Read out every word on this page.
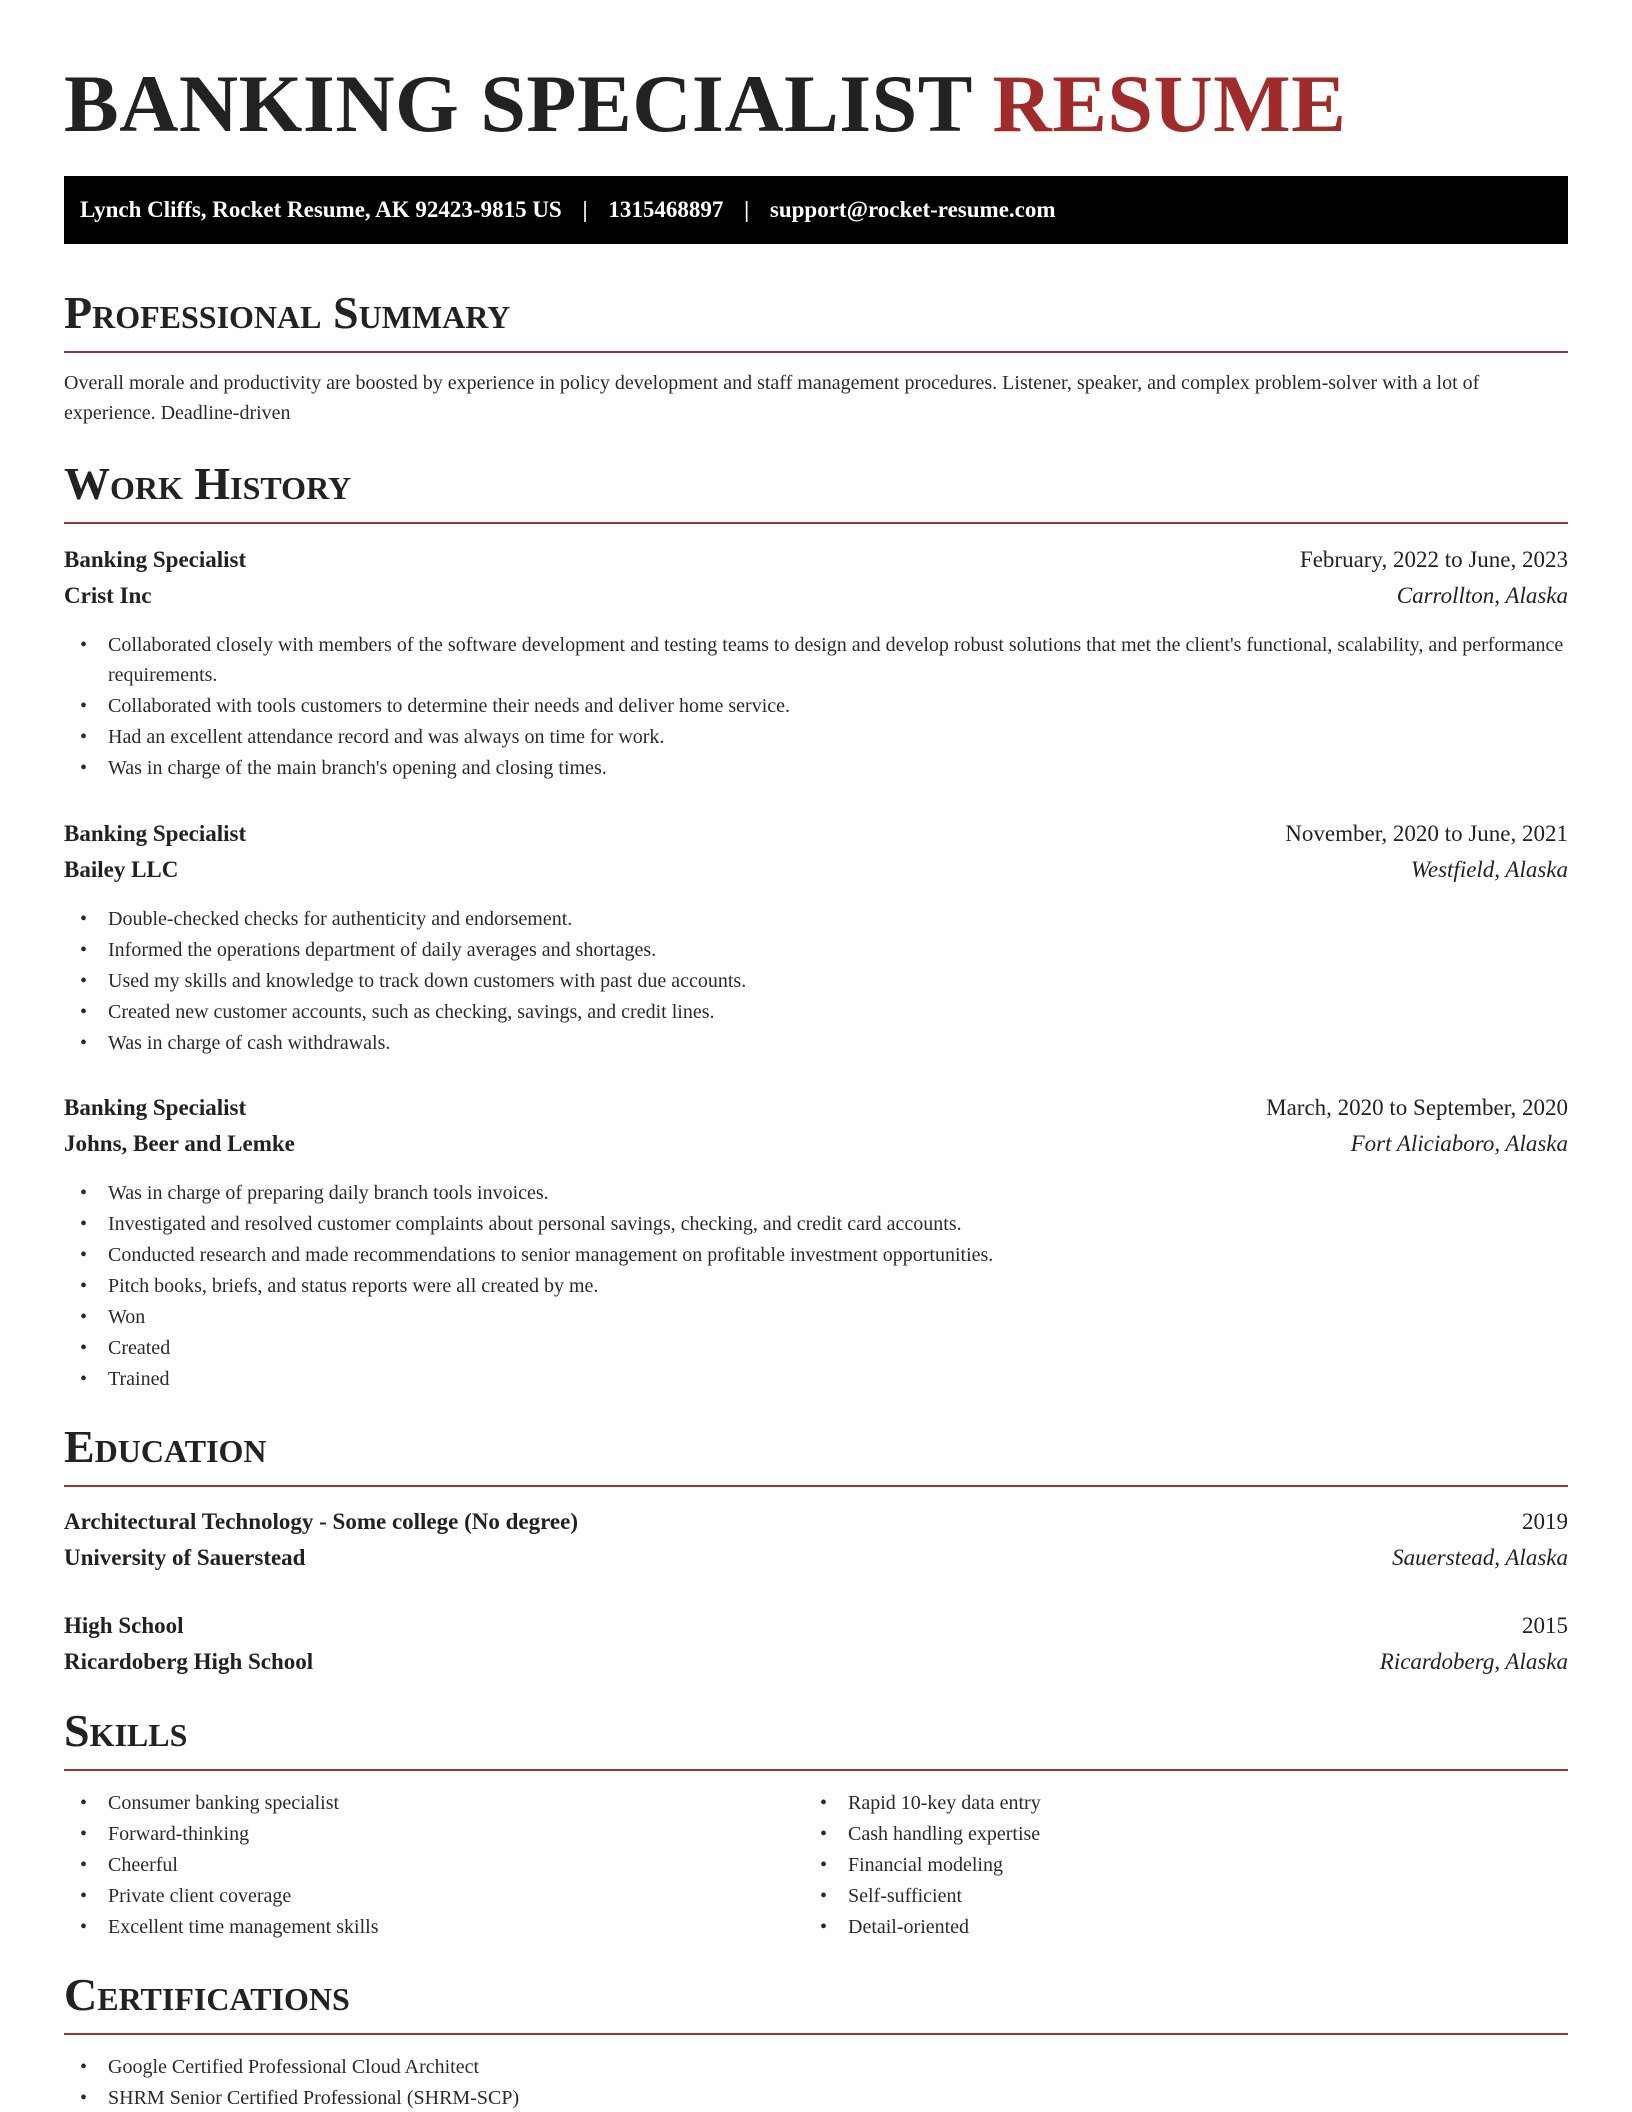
BANKING SPECIALIST RESUME
Lynch Cliffs, Rocket Resume, AK 92423-9815 US | 1315468897 | support@rocket-resume.com
Professional Summary
Overall morale and productivity are boosted by experience in policy development and staff management procedures. Listener, speaker, and complex problem-solver with a lot of experience. Deadline-driven
Work History
Banking Specialist	February, 2022 to June, 2023
Crist Inc	Carrollton, Alaska
• Collaborated closely with members of the software development and testing teams to design and develop robust solutions that met the client's functional, scalability, and performance requirements.
• Collaborated with tools customers to determine their needs and deliver home service.
• Had an excellent attendance record and was always on time for work.
• Was in charge of the main branch's opening and closing times.
Banking Specialist	November, 2020 to June, 2021
Bailey LLC	Westfield, Alaska
• Double-checked checks for authenticity and endorsement.
• Informed the operations department of daily averages and shortages.
• Used my skills and knowledge to track down customers with past due accounts.
• Created new customer accounts, such as checking, savings, and credit lines.
• Was in charge of cash withdrawals.
Banking Specialist	March, 2020 to September, 2020
Johns, Beer and Lemke	Fort Aliciaboro, Alaska
• Was in charge of preparing daily branch tools invoices.
• Investigated and resolved customer complaints about personal savings, checking, and credit card accounts.
• Conducted research and made recommendations to senior management on profitable investment opportunities.
• Pitch books, briefs, and status reports were all created by me.
• Won
• Created
• Trained
Education
Architectural Technology - Some college (No degree)	2019
University of Sauerstead	Sauerstead, Alaska
High School	2015
Ricardoberg High School	Ricardoberg, Alaska
Skills
• Consumer banking specialist
• Forward-thinking
• Cheerful
• Private client coverage
• Excellent time management skills
• Rapid 10-key data entry
• Cash handling expertise
• Financial modeling
• Self-sufficient
• Detail-oriented
Certifications
• Google Certified Professional Cloud Architect
• SHRM Senior Certified Professional (SHRM-SCP)
